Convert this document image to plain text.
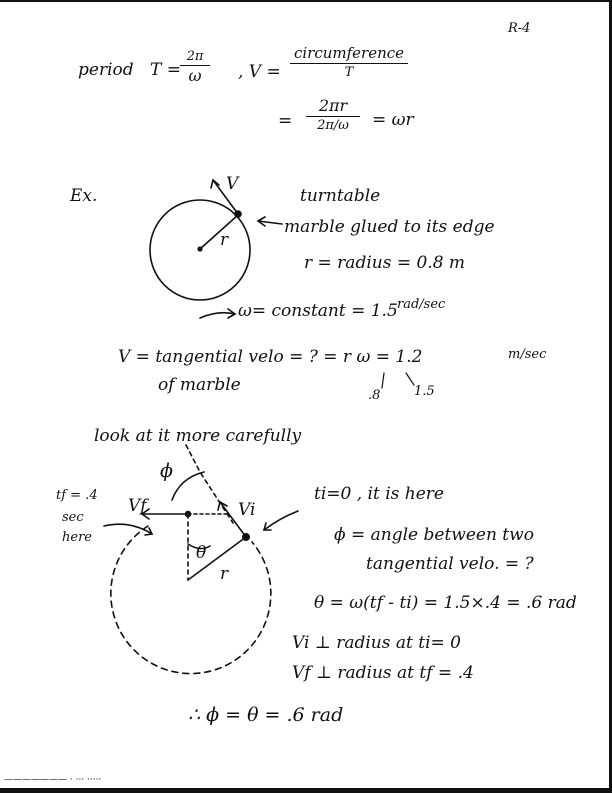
R-4
period T =
2π
ω	, V =
circumference
T
=
2πr
2π/ω	= ωr
Ex.	turntable
marble glued to its edge
r = radius = 0.8 m
ω= constant = 1.5 rad/sec
V
r
V = tangential velo = ? = r ω = 1.2	m/sec
of marble
.8	1.5
look at it more carefully
ϕ
θ
r
Vf	Vi
tf = .4
sec
here
ti=0 , it is here
ϕ = angle between two
tangential velo. = ?
θ = ω(tf - ti) = 1.5×.4 = .6 rad
Vi ⊥ radius at ti= 0
Vf ⊥ radius at tf = .4
∴ ϕ = θ = .6 rad
——————— · ··· ·····
